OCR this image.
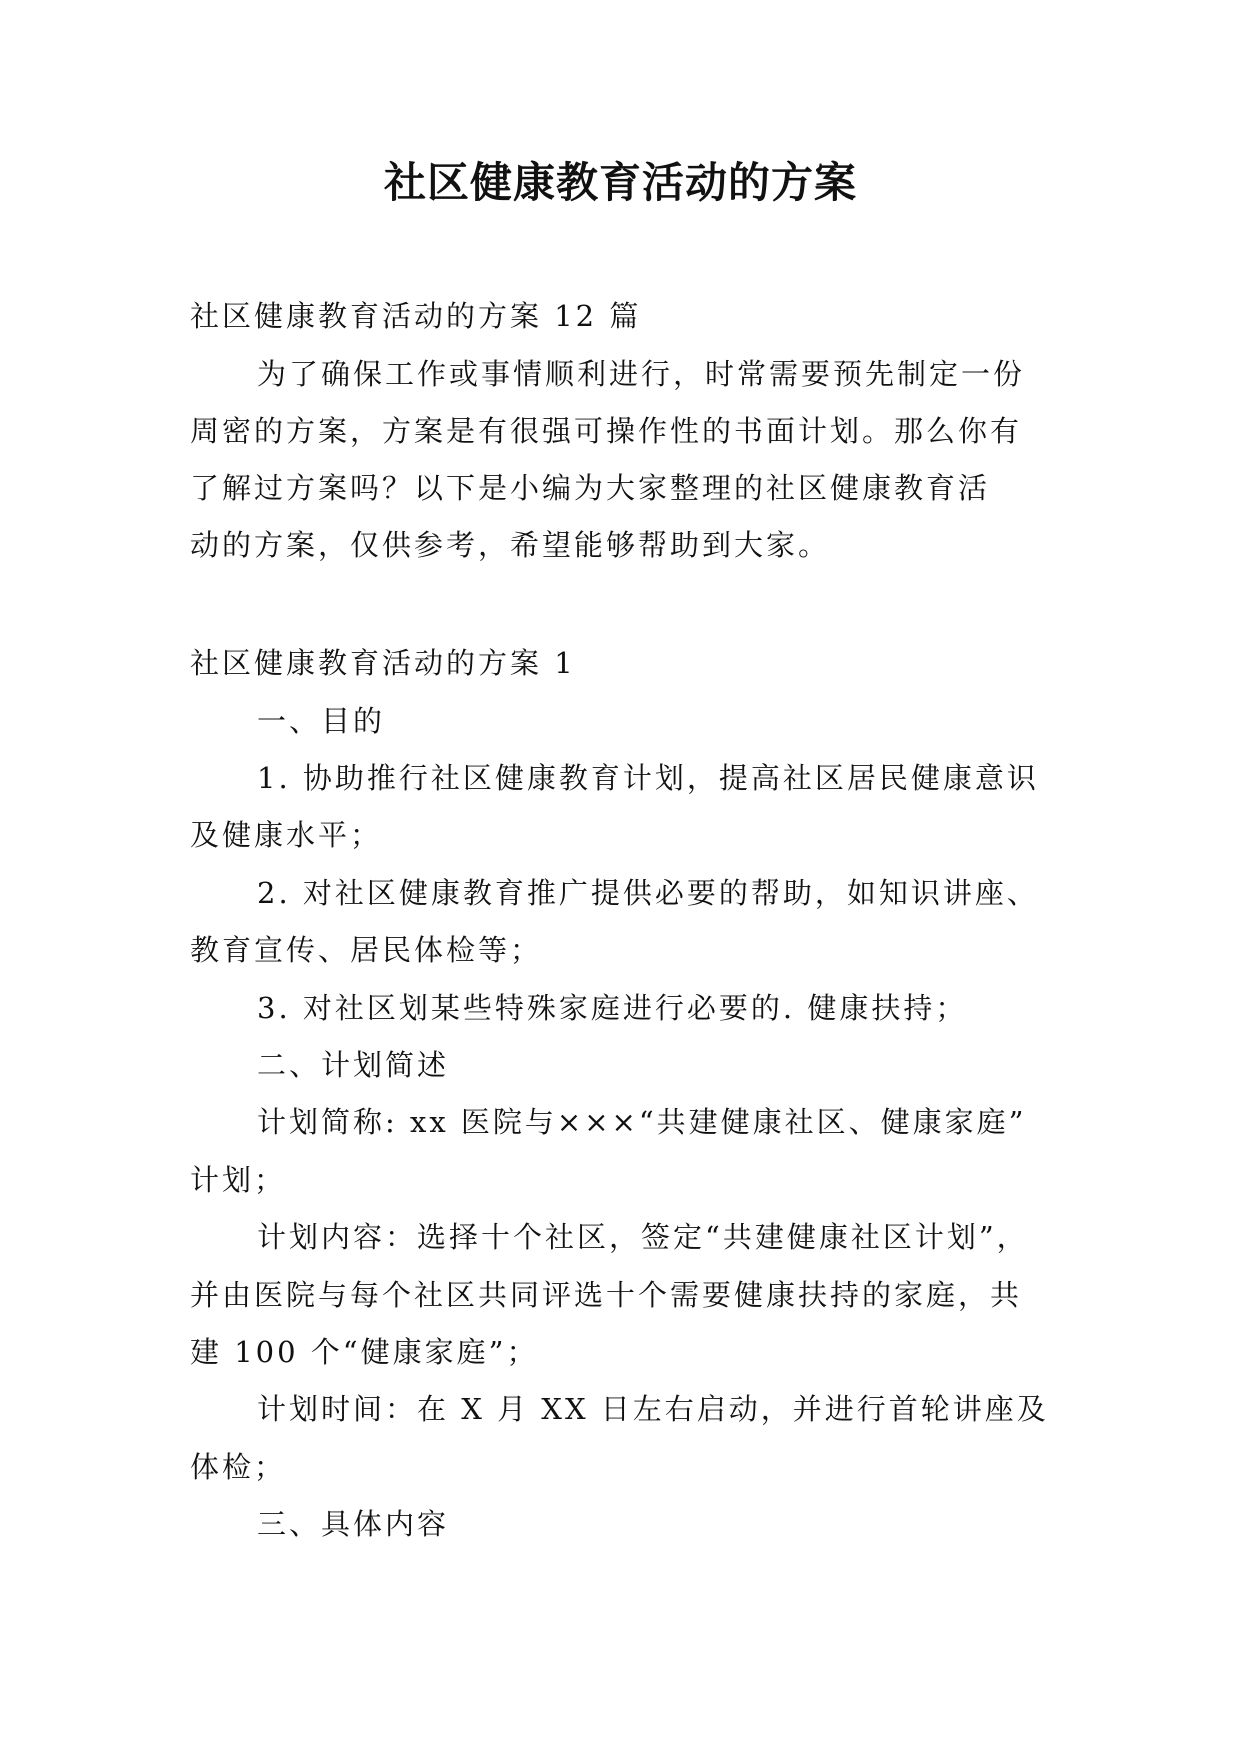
社区健康教育活动的方案
社区健康教育活动的方案 12 篇
为了确保工作或事情顺利进行，时常需要预先制定一份
周密的方案，方案是有很强可操作性的书面计划。那么你有
了解过方案吗？以下是小编为大家整理的社区健康教育活
动的方案，仅供参考，希望能够帮助到大家。
社区健康教育活动的方案 1
一、目的
1. 协助推行社区健康教育计划，提高社区居民健康意识
及健康水平；
2. 对社区健康教育推广提供必要的帮助，如知识讲座、
教育宣传、居民体检等；
3. 对社区划某些特殊家庭进行必要的. 健康扶持；
二、计划简述
计划简称: xx 医院与×××“共建健康社区、健康家庭”
计划；
计划内容：选择十个社区，签定“共建健康社区计划”，
并由医院与每个社区共同评选十个需要健康扶持的家庭，共
建 100 个“健康家庭”；
计划时间：在 X 月 XX 日左右启动，并进行首轮讲座及
体检；
三、具体内容
